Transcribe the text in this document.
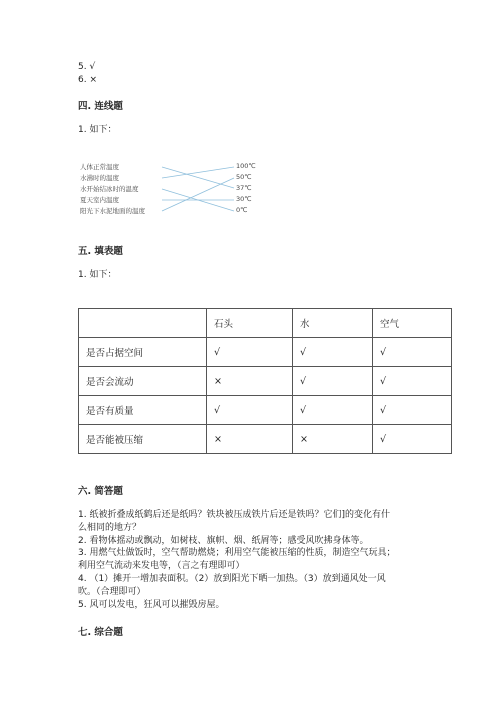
5. √
6. ×
四. 连线题
1. 如下：
人体正常温度
水沸时的温度
水开始结冰时的温度
夏天室内温度
阳光下水泥地面的温度
100℃
50℃
37℃
30℃
0℃
五. 填表题
1. 如下：
	石头	水	空气
是否占据空间	√	√	√
是否会流动	×	√	√
是否有质量	√	√	√
是否能被压缩	×	×	√
六. 简答题
1. 纸被折叠成纸鹤后还是纸吗？铁块被压成铁片后还是铁吗？它们]的变化有什么相同的地方？
2. 看物体摇动或飘动，如树枝、旗帜、烟、纸屑等；感受风吹拂身体等。
3. 用燃气灶做饭时，空气帮助燃烧；利用空气能被压缩的性质，制造空气玩具；利用空气流动来发电等，（言之有理即可）
4. （1）摊开一增加表面积。（2）放到阳光下晒一加热。（3）放到通风处一风吹。（合理即可）
5. 风可以发电，狂风可以摧毁房屋。
七. 综合题
